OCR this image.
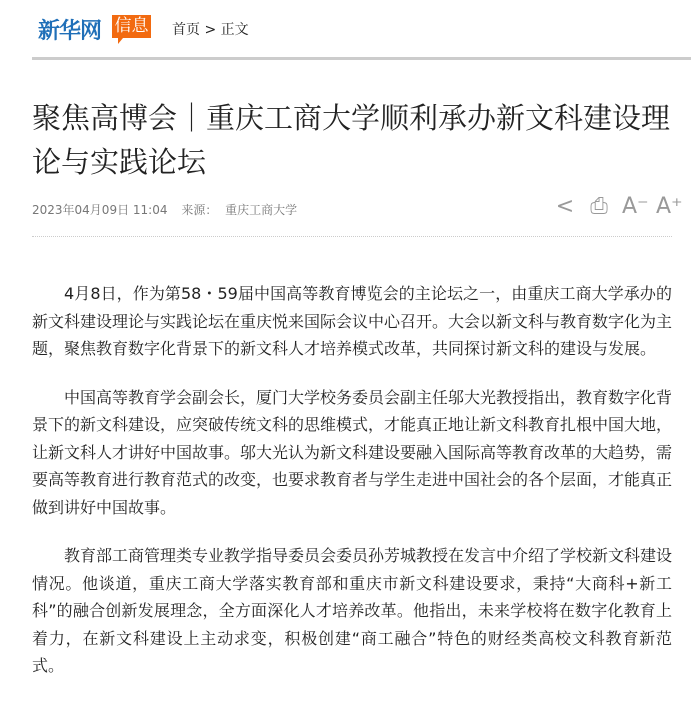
新华网 信息 首页 > 正文
聚焦高博会｜重庆工商大学顺利承办新文科建设理论与实践论坛
2023年04月09日 11:04 来源： 重庆工商大学	< ⎙ A⁻ A⁺

4月8日，作为第58・59届中国高等教育博览会的主论坛之一，由重庆工商大学承办的新文科建设理论与实践论坛在重庆悦来国际会议中心召开。大会以新文科与教育数字化为主题，聚焦教育数字化背景下的新文科人才培养模式改革，共同探讨新文科的建设与发展。

中国高等教育学会副会长，厦门大学校务委员会副主任邬大光教授指出，教育数字化背景下的新文科建设，应突破传统文科的思维模式，才能真正地让新文科教育扎根中国大地，让新文科人才讲好中国故事。邬大光认为新文科建设要融入国际高等教育改革的大趋势，需要高等教育进行教育范式的改变，也要求教育者与学生走进中国社会的各个层面，才能真正做到讲好中国故事。

教育部工商管理类专业教学指导委员会委员孙芳城教授在发言中介绍了学校新文科建设情况。他谈道，重庆工商大学落实教育部和重庆市新文科建设要求，秉持“大商科+新工科”的融合创新发展理念，全方面深化人才培养改革。他指出，未来学校将在数字化教育上着力，在新文科建设上主动求变，积极创建“商工融合”特色的财经类高校文科教育新范式。
